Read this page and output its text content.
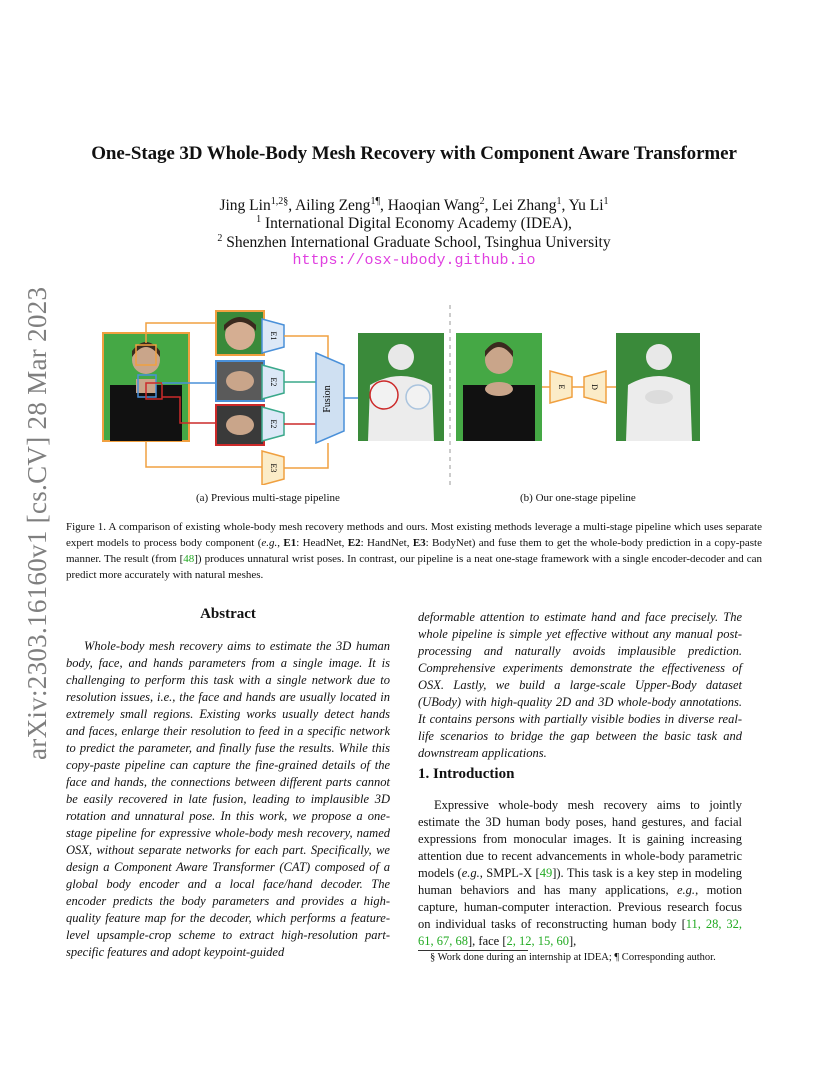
arXiv:2303.16160v1 [cs.CV] 28 Mar 2023
One-Stage 3D Whole-Body Mesh Recovery with Component Aware Transformer
Jing Lin$^{1,2\S}$, Ailing Zeng$^{1\P}$, Haoqian Wang$^2$, Lei Zhang$^1$, Yu Li$^1$
$^1$ International Digital Economy Academy (IDEA),
$^2$ Shenzhen International Graduate School, Tsinghua University
https://osx-ubody.github.io
E1
E2
E2
E3
Fusion	E	D
(a) Previous multi-stage pipeline	(b) Our one-stage pipeline
Figure 1. A comparison of existing whole-body mesh recovery methods and ours. Most existing methods leverage a multi-stage pipeline which uses separate expert models to process body component (e.g., E1: HeadNet, E2: HandNet, E3: BodyNet) and fuse them to get the whole-body prediction in a copy-paste manner. The result (from [48]) produces unnatural wrist poses. In contrast, our pipeline is a neat one-stage framework with a single encoder-decoder and can predict more accurately with natural meshes.
Abstract
Whole-body mesh recovery aims to estimate the 3D human body, face, and hands parameters from a single image. It is challenging to perform this task with a single network due to resolution issues, i.e., the face and hands are usually located in extremely small regions. Existing works usually detect hands and faces, enlarge their resolution to feed in a specific network to predict the parameter, and finally fuse the results. While this copy-paste pipeline can capture the fine-grained details of the face and hands, the connections between different parts cannot be easily recovered in late fusion, leading to implausible 3D rotation and unnatural pose. In this work, we propose a one-stage pipeline for expressive whole-body mesh recovery, named OSX, without separate networks for each part. Specifically, we design a Component Aware Transformer (CAT) composed of a global body encoder and a local face/hand decoder. The encoder predicts the body parameters and provides a high-quality feature map for the decoder, which performs a feature-level upsample-crop scheme to extract high-resolution part-specific features and adopt keypoint-guided
deformable attention to estimate hand and face precisely. The whole pipeline is simple yet effective without any manual post-processing and naturally avoids implausible prediction. Comprehensive experiments demonstrate the effectiveness of OSX. Lastly, we build a large-scale Upper-Body dataset (UBody) with high-quality 2D and 3D whole-body annotations. It contains persons with partially visible bodies in diverse real-life scenarios to bridge the gap between the basic task and downstream applications.
1. Introduction
Expressive whole-body mesh recovery aims to jointly estimate the 3D human body poses, hand gestures, and facial expressions from monocular images. It is gaining increasing attention due to recent advancements in whole-body parametric models (e.g., SMPL-X [49]). This task is a key step in modeling human behaviors and has many applications, e.g., motion capture, human-computer interaction. Previous research focus on individual tasks of reconstructing human body [11, 28, 32, 61, 67, 68], face [2, 12, 15, 60],
§ Work done during an internship at IDEA; ¶ Corresponding author.
